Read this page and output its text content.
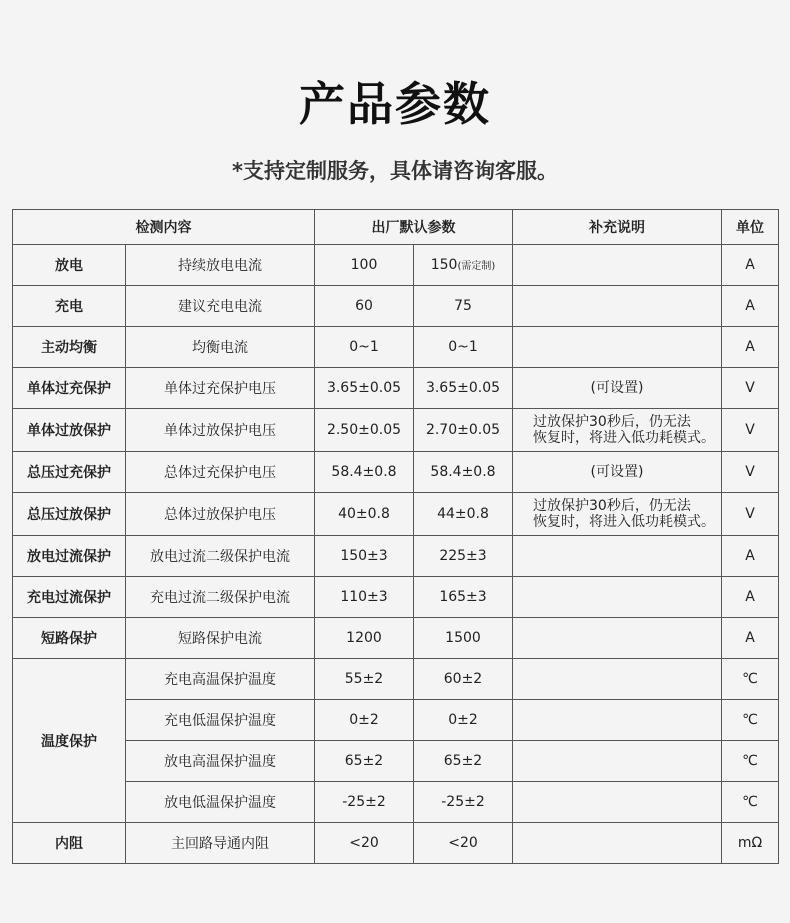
产品参数
*支持定制服务，具体请咨询客服。
检测内容		出厂默认参数		补充说明	单位
放电	持续放电电流	100	150(需定制)		A
充电	建议充电电流	60	75		A
主动均衡	均衡电流	0~1	0~1		A
单体过充保护	单体过充保护电压	3.65±0.05	3.65±0.05	(可设置)	V
单体过放保护	单体过放保护电压	2.50±0.05	2.70±0.05	过放保护30秒后，仍无法
恢复时，将进入低功耗模式。	V
总压过充保护	总体过充保护电压	58.4±0.8	58.4±0.8	(可设置)	V
总压过放保护	总体过放保护电压	40±0.8	44±0.8	过放保护30秒后，仍无法
恢复时，将进入低功耗模式。	V
放电过流保护	放电过流二级保护电流	150±3	225±3		A
充电过流保护	充电过流二级保护电流	110±3	165±3		A
短路保护	短路保护电流	1200	1500		A
温度保护	充电高温保护温度	55±2	60±2		℃
	充电低温保护温度	0±2	0±2		℃
	放电高温保护温度	65±2	65±2		℃
	放电低温保护温度	-25±2	-25±2		℃
内阻	主回路导通内阻	<20	<20		mΩ
